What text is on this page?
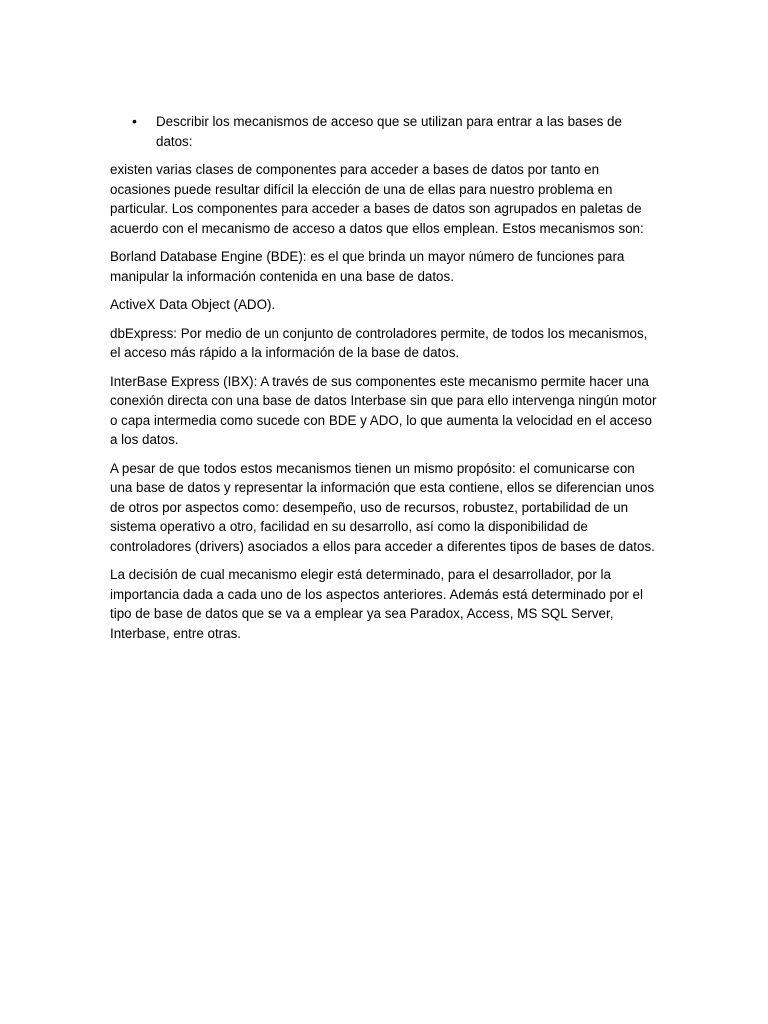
•	Describir los mecanismos de acceso que se utilizan para entrar a las bases de datos:

existen varias clases de componentes para acceder a bases de datos por tanto en ocasiones puede resultar difícil la elección de una de ellas para nuestro problema en particular. Los componentes para acceder a bases de datos son agrupados en paletas de acuerdo con el mecanismo de acceso a datos que ellos emplean. Estos mecanismos son:

Borland Database Engine (BDE): es el que brinda un mayor número de funciones para manipular la información contenida en una base de datos.

ActiveX Data Object (ADO).

dbExpress: Por medio de un conjunto de controladores permite, de todos los mecanismos, el acceso más rápido a la información de la base de datos.

InterBase Express (IBX): A través de sus componentes este mecanismo permite hacer una conexión directa con una base de datos Interbase sin que para ello intervenga ningún motor o capa intermedia como sucede con BDE y ADO, lo que aumenta la velocidad en el acceso a los datos.

A pesar de que todos estos mecanismos tienen un mismo propósito: el comunicarse con una base de datos y representar la información que esta contiene, ellos se diferencian unos de otros por aspectos como: desempeño, uso de recursos, robustez, portabilidad de un sistema operativo a otro, facilidad en su desarrollo, así como la disponibilidad de controladores (drivers) asociados a ellos para acceder a diferentes tipos de bases de datos.

La decisión de cual mecanismo elegir está determinado, para el desarrollador, por la importancia dada a cada uno de los aspectos anteriores. Además está determinado por el tipo de base de datos que se va a emplear ya sea Paradox, Access, MS SQL Server, Interbase, entre otras.
